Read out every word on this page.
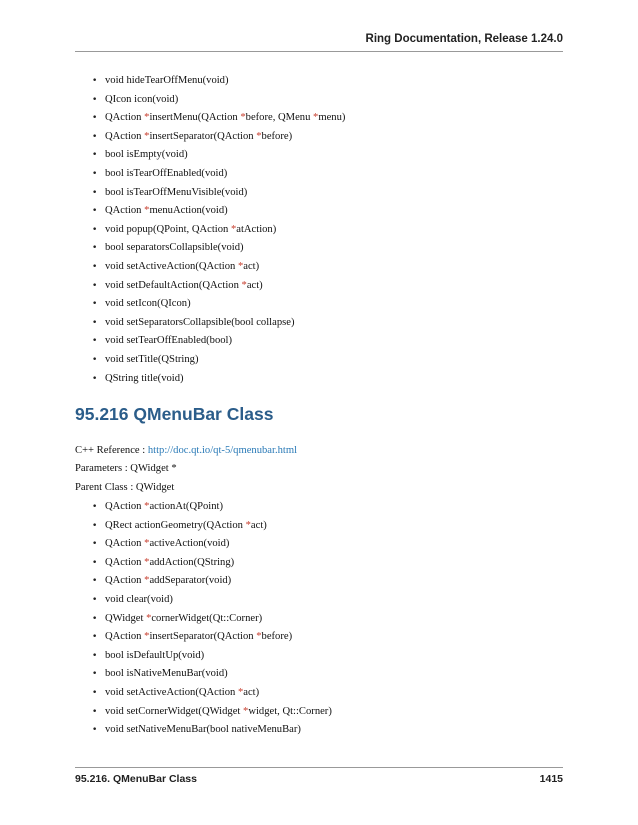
Ring Documentation, Release 1.24.0
• void hideTearOffMenu(void)
• QIcon icon(void)
• QAction *insertMenu(QAction *before, QMenu *menu)
• QAction *insertSeparator(QAction *before)
• bool isEmpty(void)
• bool isTearOffEnabled(void)
• bool isTearOffMenuVisible(void)
• QAction *menuAction(void)
• void popup(QPoint, QAction *atAction)
• bool separatorsCollapsible(void)
• void setActiveAction(QAction *act)
• void setDefaultAction(QAction *act)
• void setIcon(QIcon)
• void setSeparatorsCollapsible(bool collapse)
• void setTearOffEnabled(bool)
• void setTitle(QString)
• QString title(void)
95.216 QMenuBar Class
C++ Reference : http://doc.qt.io/qt-5/qmenubar.html
Parameters : QWidget *
Parent Class : QWidget
• QAction *actionAt(QPoint)
• QRect actionGeometry(QAction *act)
• QAction *activeAction(void)
• QAction *addAction(QString)
• QAction *addSeparator(void)
• void clear(void)
• QWidget *cornerWidget(Qt::Corner)
• QAction *insertSeparator(QAction *before)
• bool isDefaultUp(void)
• bool isNativeMenuBar(void)
• void setActiveAction(QAction *act)
• void setCornerWidget(QWidget *widget, Qt::Corner)
• void setNativeMenuBar(bool nativeMenuBar)
95.216. QMenuBar Class	1415
